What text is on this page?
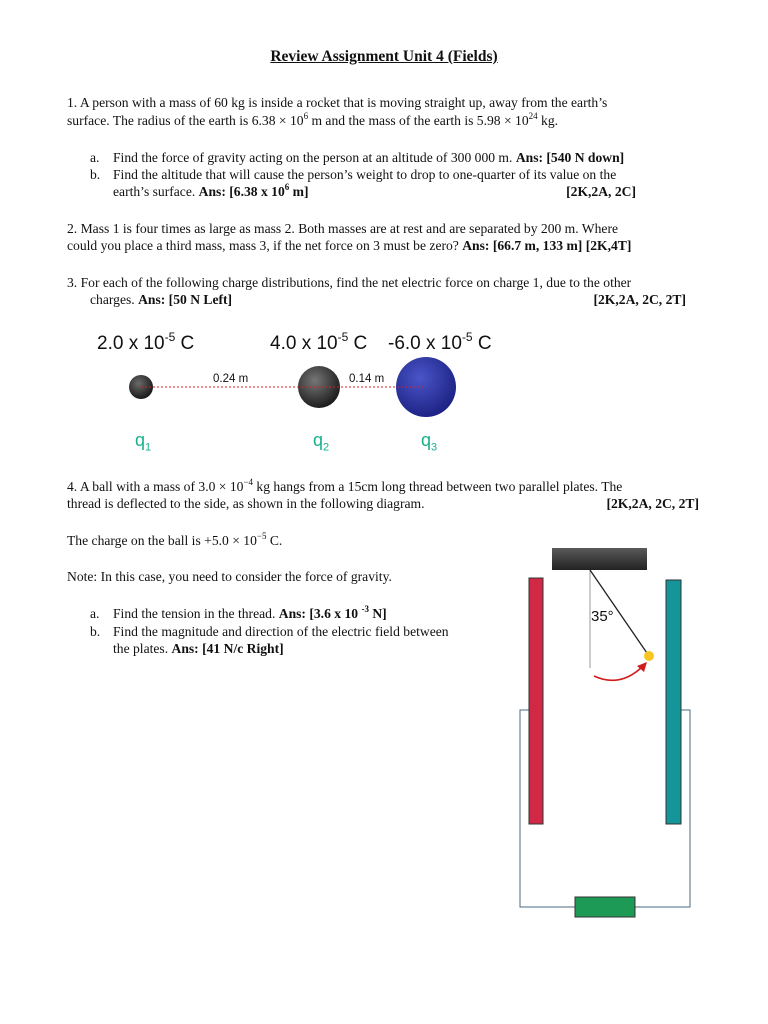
Review Assignment Unit 4 (Fields)
1. A person with a mass of 60 kg is inside a rocket that is moving straight up, away from the earth’s
surface. The radius of the earth is $6.38 \times 10^6$ m and the mass of the earth is $5.98 \times 10^{24}$ kg.
a. Find the force of gravity acting on the person at an altitude of 300 000 m. Ans: [540 N down]
b. Find the altitude that will cause the person’s weight to drop to one-quarter of its value on the
earth’s surface. Ans: [6.38 x $10^6$ m]	[2K,2A, 2C]
2. Mass 1 is four times as large as mass 2. Both masses are at rest and are separated by 200 m. Where
could you place a third mass, mass 3, if the net force on 3 must be zero? Ans: [66.7 m, 133 m] [2K,4T]
3. For each of the following charge distributions, find the net electric force on charge 1, due to the other
charges. Ans: [50 N Left]	[2K,2A, 2C, 2T]
2.0 x $10^{-5}$ C	4.0 x $10^{-5}$ C -6.0 x $10^{-5}$ C
0.24 m	0.14 m
$q_1$	$q_2$	$q_3$
4. A ball with a mass of $3.0 \times 10^{-4}$ kg hangs from a 15cm long thread between two parallel plates. The
thread is deflected to the side, as shown in the following diagram.	[2K,2A, 2C, 2T]
The charge on the ball is $+5.0 \times 10^{-5}$ C.
Note: In this case, you need to consider the force of gravity.
a. Find the tension in the thread. Ans: [3.6 x 10 $^{-3}$ N]
b. Find the magnitude and direction of the electric field between
the plates. Ans: [41 N/c Right]
35°
